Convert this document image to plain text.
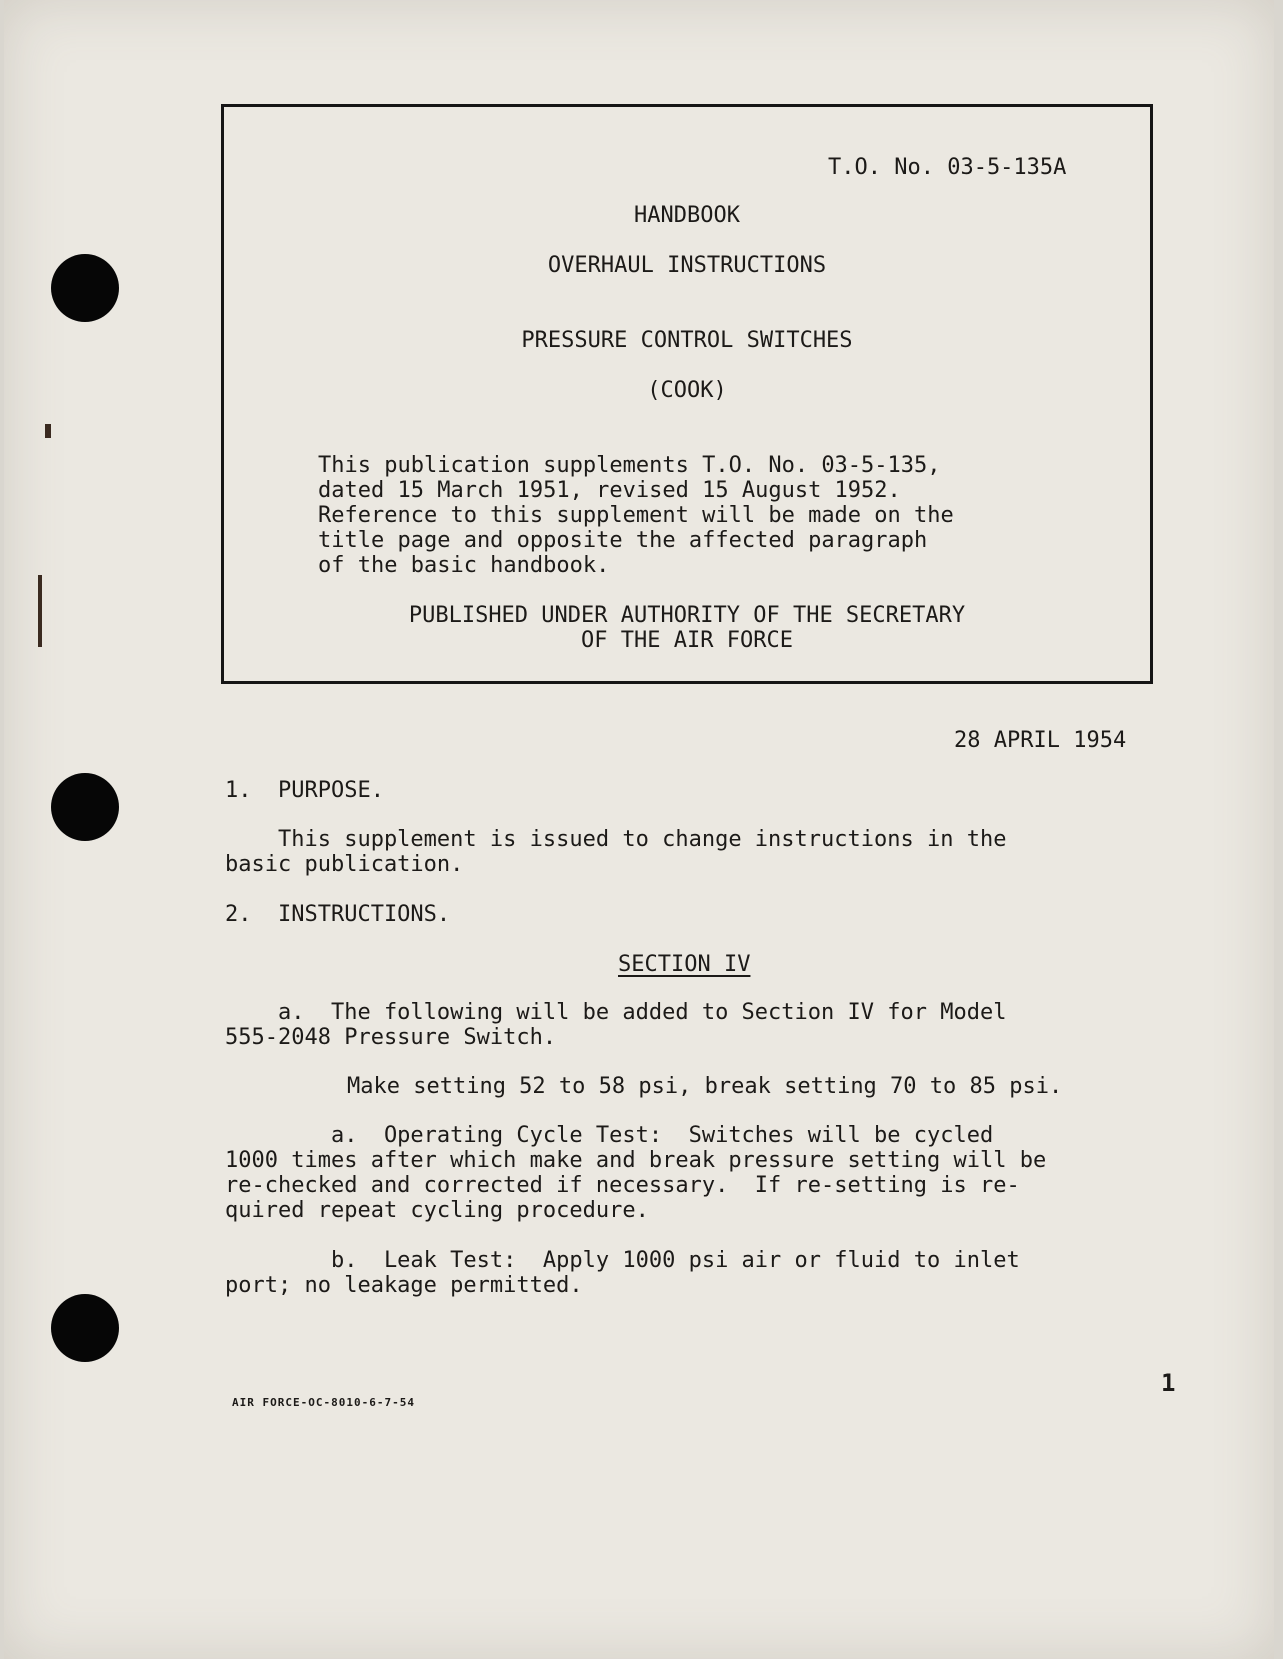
T.O. No. 03-5-135A
HANDBOOK
OVERHAUL INSTRUCTIONS
PRESSURE CONTROL SWITCHES
(COOK)
This publication supplements T.O. No. 03-5-135,
dated 15 March 1951, revised 15 August 1952.
Reference to this supplement will be made on the
title page and opposite the affected paragraph
of the basic handbook.
PUBLISHED UNDER AUTHORITY OF THE SECRETARY
OF THE AIR FORCE
28 APRIL 1954
1.  PURPOSE.
This supplement is issued to change instructions in the
basic publication.
2.  INSTRUCTIONS.
SECTION IV
a.  The following will be added to Section IV for Model
555-2048 Pressure Switch.
Make setting 52 to 58 psi, break setting 70 to 85 psi.
a.  Operating Cycle Test:  Switches will be cycled
1000 times after which make and break pressure setting will be
re-checked and corrected if necessary.  If re-setting is re-
quired repeat cycling procedure.
b.  Leak Test:  Apply 1000 psi air or fluid to inlet
port; no leakage permitted.
AIR FORCE-OC-8010-6-7-54
1
